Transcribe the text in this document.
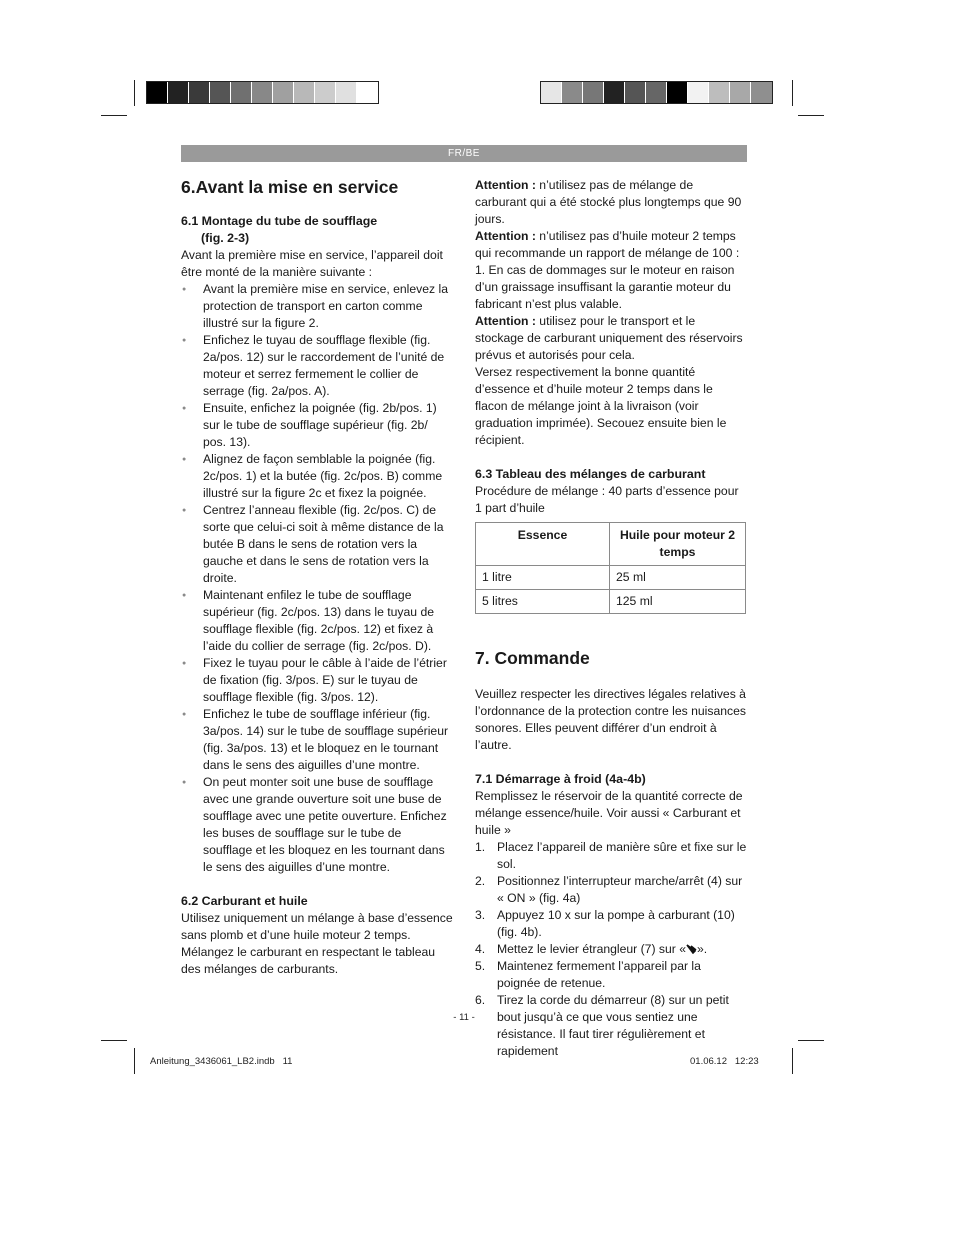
FR/BE
6.Avant la mise en service
6.1 Montage du tube de soufflage
(fig. 2-3)

Avant la première mise en service, l’appareil doit être monté de la manière suivante :

● Avant la première mise en service, enlevez la protection de transport en carton comme illustré sur la figure 2.
● Enfichez le tuyau de soufflage flexible (fig. 2a/pos. 12) sur le raccordement de l’unité de moteur et serrez fermement le collier de serrage (fig. 2a/pos. A).
● Ensuite, enfichez la poignée (fig. 2b/pos. 1) sur le tube de soufflage supérieur (fig. 2b/ pos. 13).
● Alignez de façon semblable la poignée (fig. 2c/pos. 1) et la butée (fig. 2c/pos. B) comme illustré sur la figure 2c et fixez la poignée.
● Centrez l’anneau flexible (fig. 2c/pos. C) de sorte que celui-ci soit à même distance de la butée B dans le sens de rotation vers la gauche et dans le sens de rotation vers la droite.
● Maintenant enfilez le tube de soufflage supérieur (fig. 2c/pos. 13) dans le tuyau de soufflage flexible (fig. 2c/pos. 12) et fixez à l’aide du collier de serrage (fig. 2c/pos. D).
● Fixez le tuyau pour le câble à l’aide de l’étrier de fixation (fig. 3/pos. E) sur le tuyau de soufflage flexible (fig. 3/pos. 12).
● Enfichez le tube de soufflage inférieur (fig. 3a/pos. 14) sur le tube de soufflage supérieur (fig. 3a/pos. 13) et le bloquez en le tournant dans le sens des aiguilles d’une montre.
● On peut monter soit une buse de soufflage avec une grande ouverture soit une buse de soufflage avec une petite ouverture. Enfichez les buses de soufflage sur le tube de soufflage et les bloquez en les tournant dans le sens des aiguilles d’une montre.
6.2 Carburant et huile

Utilisez uniquement un mélange à base d’essence sans plomb et d’une huile moteur 2 temps. Mélangez le carburant en respectant le tableau des mélanges de carburants.

Attention : n’utilisez pas de mélange de carburant qui a été stocké plus longtemps que 90 jours.

Attention : n’utilisez pas d’huile moteur 2 temps qui recommande un rapport de mélange de 100 : 1. En cas de dommages sur le moteur en raison d’un graissage insuffisant la garantie moteur du fabricant n’est plus valable.

Attention : utilisez pour le transport et le stockage de carburant uniquement des réservoirs prévus et autorisés pour cela.

Versez respectivement la bonne quantité d’essence et d’huile moteur 2 temps dans le flacon de mélange joint à la livraison (voir graduation imprimée). Secouez ensuite bien le récipient.

6.3 Tableau des mélanges de carburant

Procédure de mélange : 40 parts d’essence pour 1 part d’huile

Essence	Huile pour moteur 2 temps
1 litre	25 ml
5 litres	125 ml
7. Commande

Veuillez respecter les directives légales relatives à l’ordonnance de la protection contre les nuisances sonores. Elles peuvent différer d’un endroit à l’autre.

7.1 Démarrage à froid (4a-4b)

Remplissez le réservoir de la quantité correcte de mélange essence/huile. Voir aussi « Carburant et huile »

1. Placez l’appareil de manière sûre et fixe sur le sol.
2. Positionnez l’interrupteur marche/arrêt (4) sur « ON » (fig. 4a)
3. Appuyez 10 x sur la pompe à carburant (10) (fig. 4b).
4. Mettez le levier étrangleur (7) sur « ».
5. Maintenez fermement l’appareil par la poignée de retenue.
6. Tirez la corde du démarreur (8) sur un petit bout jusqu’à ce que vous sentiez une résistance. Il faut tirer régulièrement et rapidement
- 11 -
Anleitung_3436061_LB2.indb   11	01.06.12   12:23
